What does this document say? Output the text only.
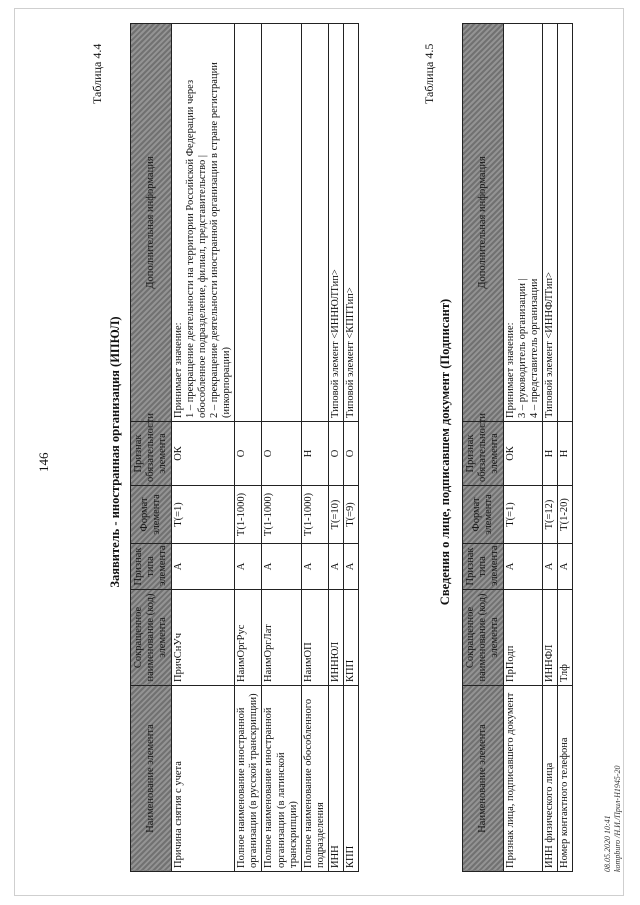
146
Таблица 4.4
Заявитель - иностранная организация (ИПЮЛ)
Наименование элемента	Сокращенное наименование (код) элемента	Признак типа элемента	Формат элемента	Признак обязательности элемента	Дополнительная информация
Причина снятия с учета	ПричСнУч	А	T(=1)	ОК	Принимает значение:
1 – прекращение деятельности на территории Российской Федерации через обособленное подразделение, филиал, представительство |
2 – прекращение деятельности иностранной организации в стране регистрации (инкорпорации)
Полное наименование иностранной организации (в русской транскрипции)	НаимОргРус	А	T(1-1000)	О	
Полное наименование иностранной организации (в латинской транскрипции)	НаимОргЛат	А	T(1-1000)	О	
Полное наименование обособленного подразделения	НаимОП	А	T(1-1000)	Н	
ИНН	ИННЮЛ	А	T(=10)	О	Типовой элемент <ИННЮЛТип>
КПП	КПП	А	T(=9)	О	Типовой элемент <КППТип>
Таблица 4.5
Сведения о лице, подписавшем документ (Подписант)
Наименование элемента	Сокращенное наименование (код) элемента	Признак типа элемента	Формат элемента	Признак обязательности элемента	Дополнительная информация
Признак лица, подписавшего документ	ПрПодп	А	T(=1)	ОК	Принимает значение:
3 – руководитель организации |
4 – представитель организации
ИНН физического лица	ИННФЛ	А	T(=12)	Н	Типовой элемент <ИННФЛТип>
Номер контактного телефона	Тлф	А	T(1-20)	Н	
08.05.2020 10:41 kompburo /Н.И./Прил-Н1945-20
